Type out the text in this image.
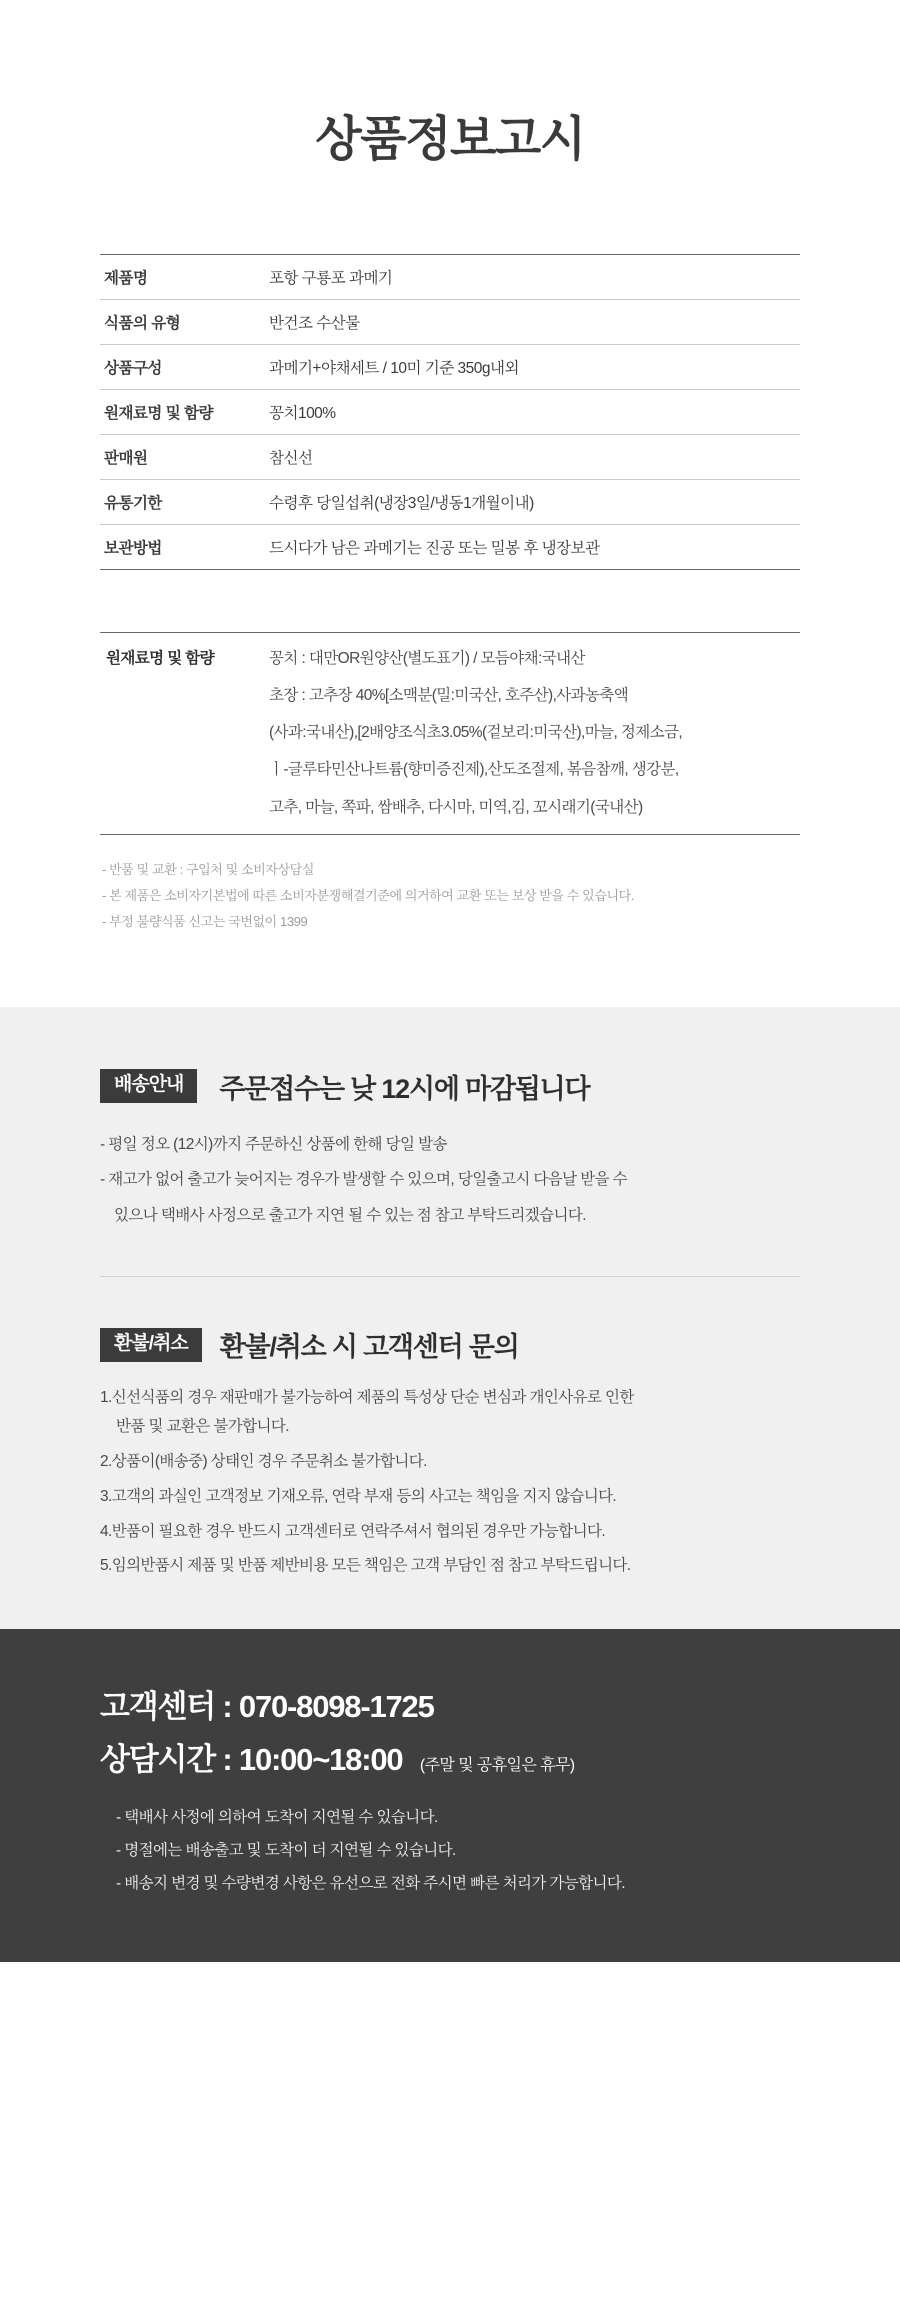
상품정보고시
제품명	포항 구룡포 과메기
식품의 유형	반건조 수산물
상품구성	과메기+야채세트 / 10미 기준 350g내외
원재료명 및 함량	꽁치100%
판매원	참신선
유통기한	수령후 당일섭취(냉장3일/냉동1개월이내)
보관방법	드시다가 남은 과메기는 진공 또는 밀봉 후 냉장보관
원재료명 및 함량	꽁치 : 대만OR원양산(별도표기) / 모듬야채:국내산
	초장 : 고추장 40%[소맥분(밀:미국산, 호주산),사과농축액
	(사과:국내산),[2배양조식초3.05%(겉보리:미국산),마늘, 정제소금,
	ㅣ-글루타민산나트륨(향미증진제),산도조절제, 볶음참깨, 생강분,
	고추, 마늘, 쪽파, 쌈배추, 다시마, 미역,김, 꼬시래기(국내산)

- 반품 및 교환 : 구입처 및 소비자상담실

- 본 제품은 소비자기본법에 따른 소비자분쟁해결기준에 의거하여 교환 또는 보상 받을 수 있습니다.

- 부정 불량식품 신고는 국번없이 1399

배송안내	주문접수는 낮 12시에 마감됩니다

- 평일 정오 (12시)까지 주문하신 상품에 한해 당일 발송

- 재고가 없어 출고가 늦어지는 경우가 발생할 수 있으며, 당일출고시 다음날 받을 수

있으나 택배사 사정으로 출고가 지연 될 수 있는 점 참고 부탁드리겠습니다.

환불/취소	환불/취소 시 고객센터 문의

1.신선식품의 경우 재판매가 불가능하여 제품의 특성상 단순 변심과 개인사유로 인한

반품 및 교환은 불가합니다.

2.상품이(배송중) 상태인 경우 주문취소 불가합니다.

3.고객의 과실인 고객정보 기재오류, 연락 부재 등의 사고는 책임을 지지 않습니다.

4.반품이 필요한 경우 반드시 고객센터로 연락주셔서 협의된 경우만 가능합니다.

5.임의반품시 제품 및 반품 제반비용 모든 책임은 고객 부담인 점 참고 부탁드립니다.

고객센터 : 070-8098-1725

상담시간 : 10:00~18:00 (주말 및 공휴일은 휴무)

- 택배사 사정에 의하여 도착이 지연될 수 있습니다.

- 명절에는 배송출고 및 도착이 더 지연될 수 있습니다.

- 배송지 변경 및 수량변경 사항은 유선으로 전화 주시면 빠른 처리가 가능합니다.
